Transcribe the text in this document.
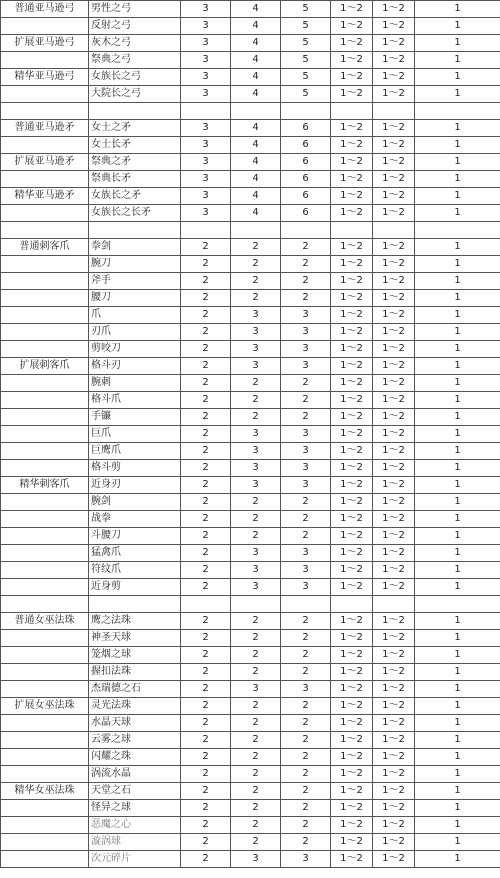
普通亚马逊弓	男性之弓	3	4	5	1～2	1～2	1
	反射之弓	3	4	5	1～2	1～2	1
扩展亚马逊弓	灰木之弓	3	4	5	1～2	1～2	1
	祭典之弓	3	4	5	1～2	1～2	1
精华亚马逊弓	女族长之弓	3	4	5	1～2	1～2	1
	大院长之弓	3	4	5	1～2	1～2	1

普通亚马逊矛	女士之矛	3	4	6	1～2	1～2	1
	女士长矛	3	4	6	1～2	1～2	1
扩展亚马逊矛	祭典之矛	3	4	6	1～2	1～2	1
	祭典长矛	3	4	6	1～2	1～2	1
精华亚马逊矛	女族长之矛	3	4	6	1～2	1～2	1
	女族长之长矛	3	4	6	1～2	1～2	1

普通刺客爪	拳剑	2	2	2	1～2	1～2	1
	腕刀	2	2	2	1～2	1～2	1
	斧手	2	2	2	1～2	1～2	1
	腰刀	2	2	2	1～2	1～2	1
	爪	2	3	3	1～2	1～2	1
	刃爪	2	3	3	1～2	1～2	1
	剪咬刀	2	3	3	1～2	1～2	1
扩展刺客爪	格斗刃	2	3	3	1～2	1～2	1
	腕刺	2	2	2	1～2	1～2	1
	格斗爪	2	2	2	1～2	1～2	1
	手镰	2	2	2	1～2	1～2	1
	巨爪	2	3	3	1～2	1～2	1
	巨鹰爪	2	3	3	1～2	1～2	1
	格斗剪	2	3	3	1～2	1～2	1
精华刺客爪	近身刃	2	3	3	1～2	1～2	1
	腕剑	2	2	2	1～2	1～2	1
	战拳	2	2	2	1～2	1～2	1
	斗腰刀	2	2	2	1～2	1～2	1
	猛禽爪	2	3	3	1～2	1～2	1
	符纹爪	2	3	3	1～2	1～2	1
	近身剪	2	3	3	1～2	1～2	1

普通女巫法珠	鹰之法珠	2	2	2	1～2	1～2	1
	神圣天球	2	2	2	1～2	1～2	1
	笼烟之球	2	2	2	1～2	1～2	1
	握扣法珠	2	2	2	1～2	1～2	1
	杰瑞德之石	2	3	3	1～2	1～2	1
扩展女巫法珠	灵光法珠	2	2	2	1～2	1～2	1
	水晶天球	2	2	2	1～2	1～2	1
	云雾之球	2	2	2	1～2	1～2	1
	闪耀之珠	2	2	2	1～2	1～2	1
	涡流水晶	2	2	2	1～2	1～2	1
精华女巫法珠	天堂之石	2	2	2	1～2	1～2	1
	怪异之球	2	2	2	1～2	1～2	1
	恶魔之心	2	2	2	1～2	1～2	1
	漩涡球	2	2	2	1～2	1～2	1
	次元碎片	2	3	3	1～2	1～2	1
